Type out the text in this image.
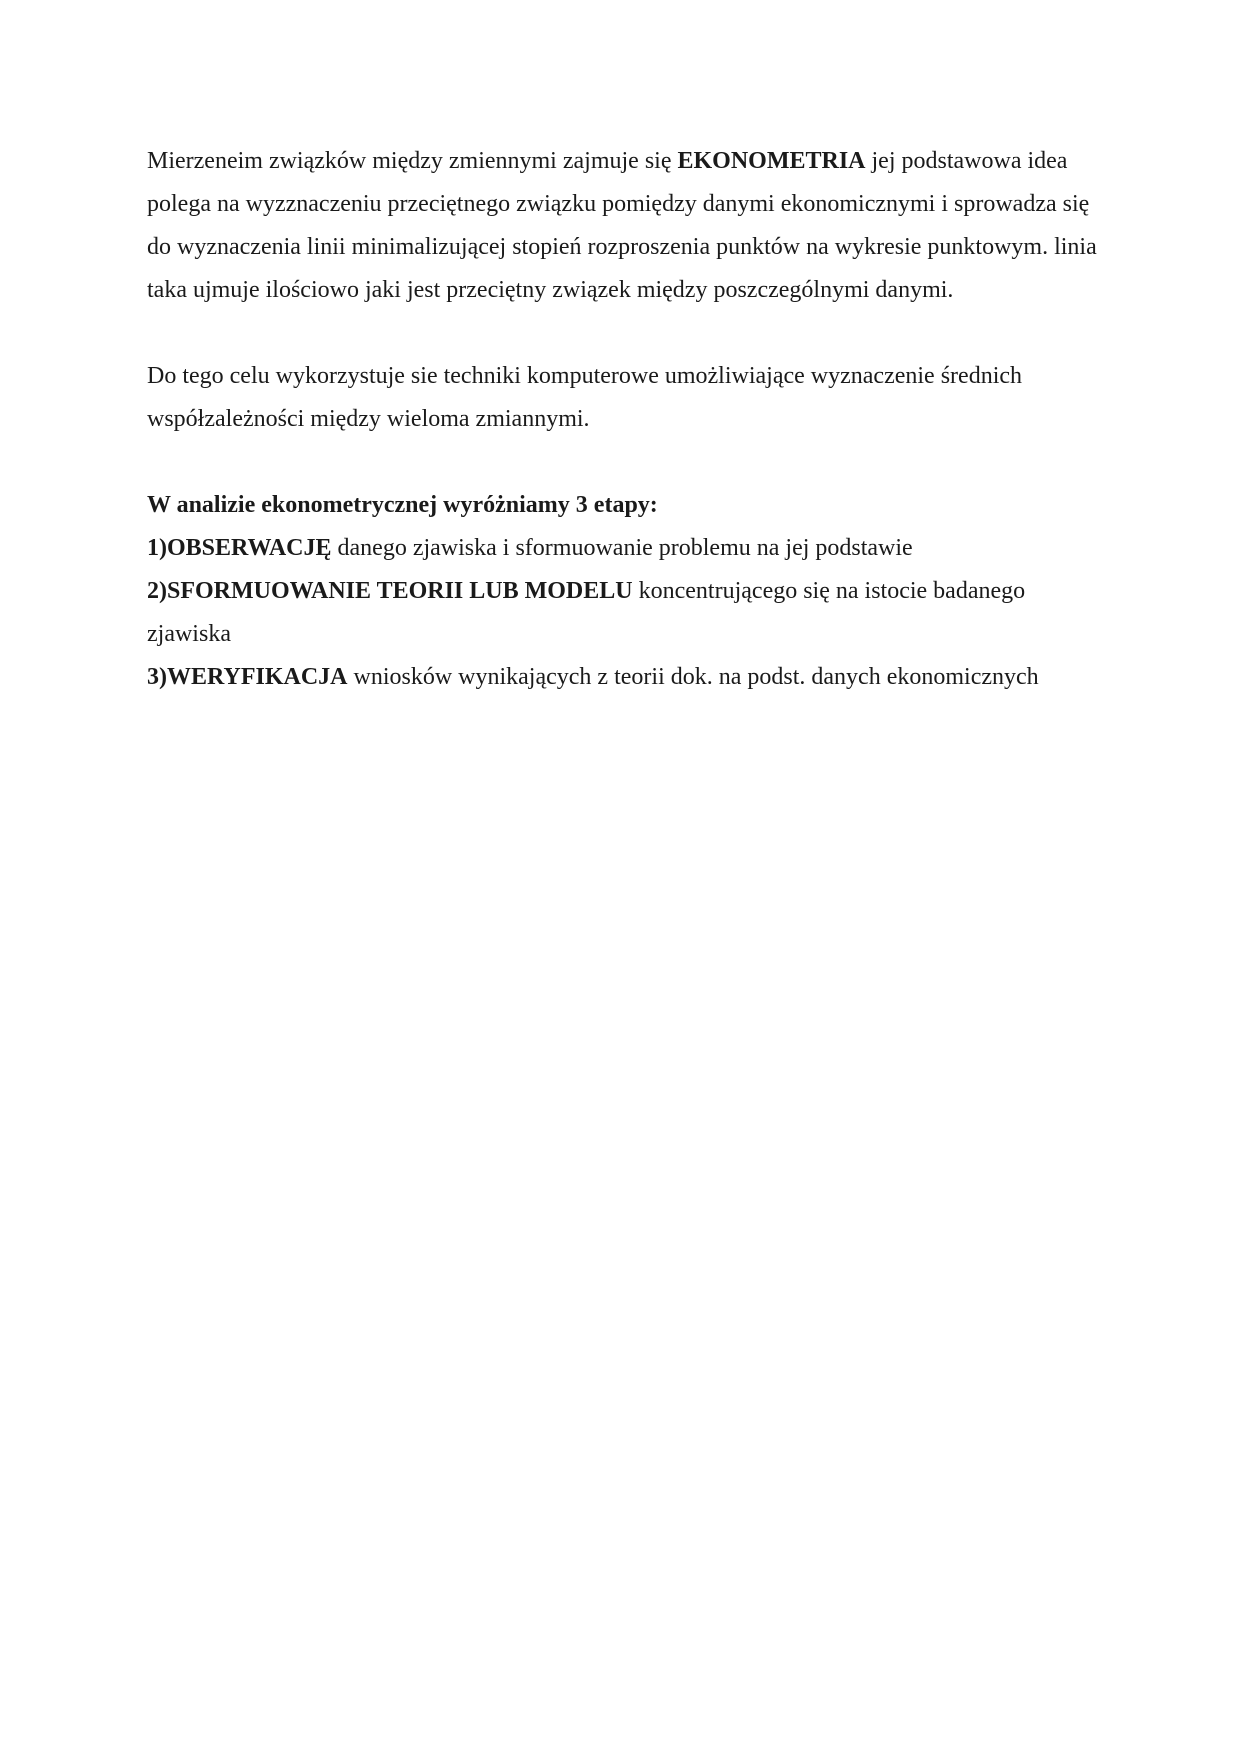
Mierzeneim związków między zmiennymi zajmuje się EKONOMETRIA jej podstawowa idea polega na wyzznaczeniu przeciętnego związku pomiędzy danymi ekonomicznymi i sprowadza się do wyznaczenia linii minimalizującej stopień rozproszenia punktów na wykresie punktowym. linia taka ujmuje ilościowo jaki jest przeciętny związek między poszczególnymi danymi.

Do tego celu wykorzystuje sie techniki komputerowe umożliwiające wyznaczenie średnich współzależności między wieloma zmiannymi.

W analizie ekonometrycznej wyróżniamy 3 etapy:

1)OBSERWACJĘ danego zjawiska i sformuowanie problemu na jej podstawie

2)SFORMUOWANIE TEORII LUB MODELU koncentrującego się na istocie badanego zjawiska

3)WERYFIKACJA wniosków wynikających z teorii dok. na podst. danych ekonomicznych
